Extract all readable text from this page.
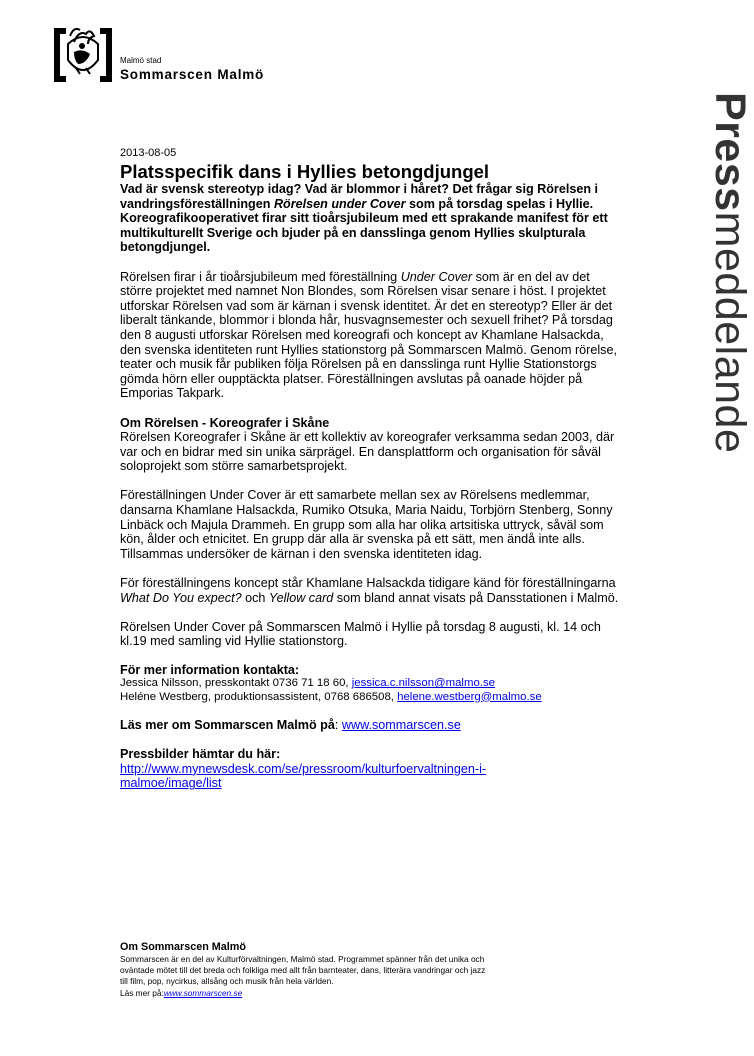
Malmö stad
Sommarscen Malmö
Pressmeddelande
2013-08-05
Platsspecifik dans i Hyllies betongdjungel

Vad är svensk stereotyp idag? Vad är blommor i håret? Det frågar sig Rörelsen i vandringsföreställningen Rörelsen under Cover som på torsdag spelas i Hyllie. Koreografikooperativet firar sitt tioårsjubileum med ett sprakande manifest för ett multikulturellt Sverige och bjuder på en dansslinga genom Hyllies skulpturala betongdjungel.

Rörelsen firar i år tioårsjubileum med föreställning Under Cover som är en del av det större projektet med namnet Non Blondes, som Rörelsen visar senare i höst. I projektet utforskar Rörelsen vad som är kärnan i svensk identitet. Är det en stereotyp? Eller är det liberalt tänkande, blommor i blonda hår, husvagnsemester och sexuell frihet? På torsdag den 8 augusti utforskar Rörelsen med koreografi och koncept av Khamlane Halsackda, den svenska identiteten runt Hyllies stationstorg på Sommarscen Malmö. Genom rörelse, teater och musik får publiken följa Rörelsen på en dansslinga runt Hyllie Stationstorgs gömda hörn eller oupptäckta platser. Föreställningen avslutas på oanade höjder på Emporias Takpark.

Om Rörelsen - Koreografer i Skåne

Rörelsen Koreografer i Skåne är ett kollektiv av koreografer verksamma sedan 2003, där var och en bidrar med sin unika särprägel. En dansplattform och organisation för såväl soloprojekt som större samarbetsprojekt.

Föreställningen Under Cover är ett samarbete mellan sex av Rörelsens medlemmar, dansarna Khamlane Halsackda, Rumiko Otsuka, Maria Naidu, Torbjörn Stenberg, Sonny Linbäck och Majula Drammeh. En grupp som alla har olika artsitiska uttryck, såväl som kön, ålder och etnicitet. En grupp där alla är svenska på ett sätt, men ändå inte alls. Tillsammas undersöker de kärnan i den svenska identiteten idag.

För föreställningens koncept står Khamlane Halsackda tidigare känd för föreställningarna What Do You expect? och Yellow card som bland annat visats på Dansstationen i Malmö.

Rörelsen Under Cover på Sommarscen Malmö i Hyllie på torsdag 8 augusti, kl. 14 och kl.19 med samling vid Hyllie stationstorg.

För mer information kontakta:
Jessica Nilsson, presskontakt 0736 71 18 60, jessica.c.nilsson@malmo.se
Heléne Westberg, produktionsassistent, 0768 686508, helene.westberg@malmo.se

Läs mer om Sommarscen Malmö på: www.sommarscen.se

Pressbilder hämtar du här:
http://www.mynewsdesk.com/se/pressroom/kulturfoervaltningen-i-
malmoe/image/list
Om Sommarscen Malmö
Sommarscen är en del av Kulturförvaltningen, Malmö stad. Programmet spänner från det unika och
oväntade mötet till det breda och folkliga med allt från barnteater, dans, litterära vandringar och jazz
till film, pop, nycirkus, allsång och musik från hela världen.
Läs mer på:www.sommarscen.se
